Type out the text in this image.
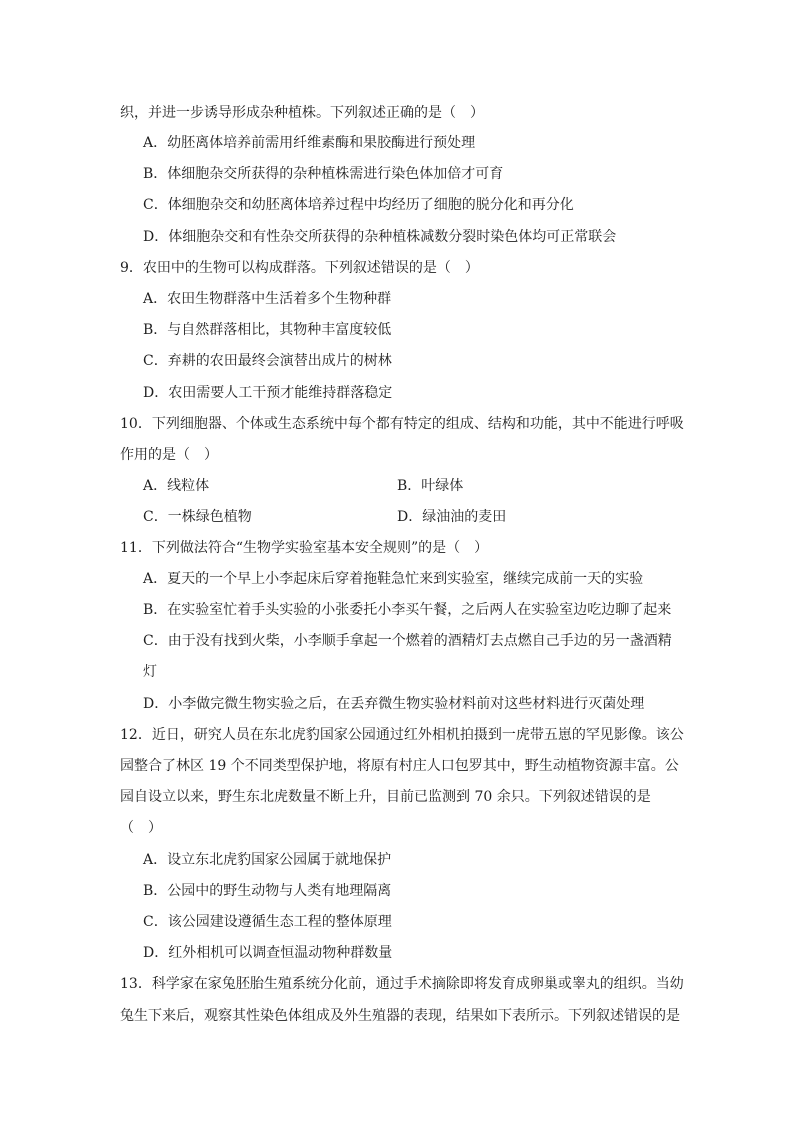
织，并进一步诱导形成杂种植株。下列叙述正确的是（　）
A．幼胚离体培养前需用纤维素酶和果胶酶进行预处理
B．体细胞杂交所获得的杂种植株需进行染色体加倍才可育
C．体细胞杂交和幼胚离体培养过程中均经历了细胞的脱分化和再分化
D．体细胞杂交和有性杂交所获得的杂种植株减数分裂时染色体均可正常联会
9．农田中的生物可以构成群落。下列叙述错误的是（　）
A．农田生物群落中生活着多个生物种群
B．与自然群落相比，其物种丰富度较低
C．弃耕的农田最终会演替出成片的树林
D．农田需要人工干预才能维持群落稳定
10．下列细胞器、个体或生态系统中每个都有特定的组成、结构和功能，其中不能进行呼吸
作用的是（　）
A．线粒体	B．叶绿体
C．一株绿色植物	D．绿油油的麦田
11．下列做法符合“生物学实验室基本安全规则”的是（　）
A．夏天的一个早上小李起床后穿着拖鞋急忙来到实验室，继续完成前一天的实验
B．在实验室忙着手头实验的小张委托小李买午餐，之后两人在实验室边吃边聊了起来
C．由于没有找到火柴，小李顺手拿起一个燃着的酒精灯去点燃自己手边的另一盏酒精
灯
D．小李做完微生物实验之后，在丢弃微生物实验材料前对这些材料进行灭菌处理
12．近日，研究人员在东北虎豹国家公园通过红外相机拍摄到一虎带五崽的罕见影像。该公
园整合了林区 19 个不同类型保护地，将原有村庄人口包罗其中，野生动植物资源丰富。公
园自设立以来，野生东北虎数量不断上升，目前已监测到 70 余只。下列叙述错误的是
（　）
A．设立东北虎豹国家公园属于就地保护
B．公园中的野生动物与人类有地理隔离
C．该公园建设遵循生态工程的整体原理
D．红外相机可以调查恒温动物种群数量
13．科学家在家兔胚胎生殖系统分化前，通过手术摘除即将发育成卵巢或睾丸的组织。当幼
兔生下来后，观察其性染色体组成及外生殖器的表现，结果如下表所示。下列叙述错误的是
